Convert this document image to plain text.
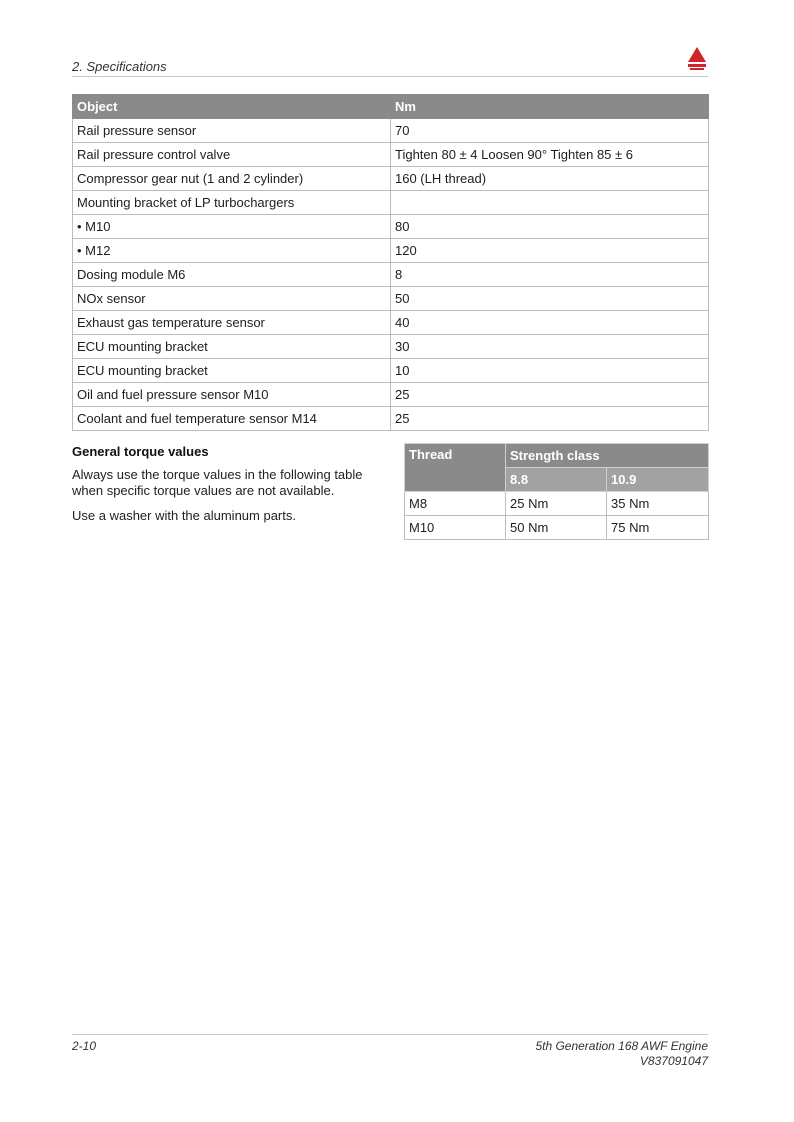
2. Specifications
Object	Nm
Rail pressure sensor	70
Rail pressure control valve	Tighten 80 ± 4 Loosen 90° Tighten 85 ± 6
Compressor gear nut (1 and 2 cylinder)	160 (LH thread)
Mounting bracket of LP turbochargers	
• M10	80
• M12	120
Dosing module M6	8
NOx sensor	50
Exhaust gas temperature sensor	40
ECU mounting bracket	30
ECU mounting bracket	10
Oil and fuel pressure sensor M10	25
Coolant and fuel temperature sensor M14	25
General torque values
Always use the torque values in the following table when specific torque values are not available.
Use a washer with the aluminum parts.
Thread	Strength class	
	8.8	10.9
M8	25 Nm	35 Nm
M10	50 Nm	75 Nm
2-10	5th Generation 168 AWF Engine
V837091047
